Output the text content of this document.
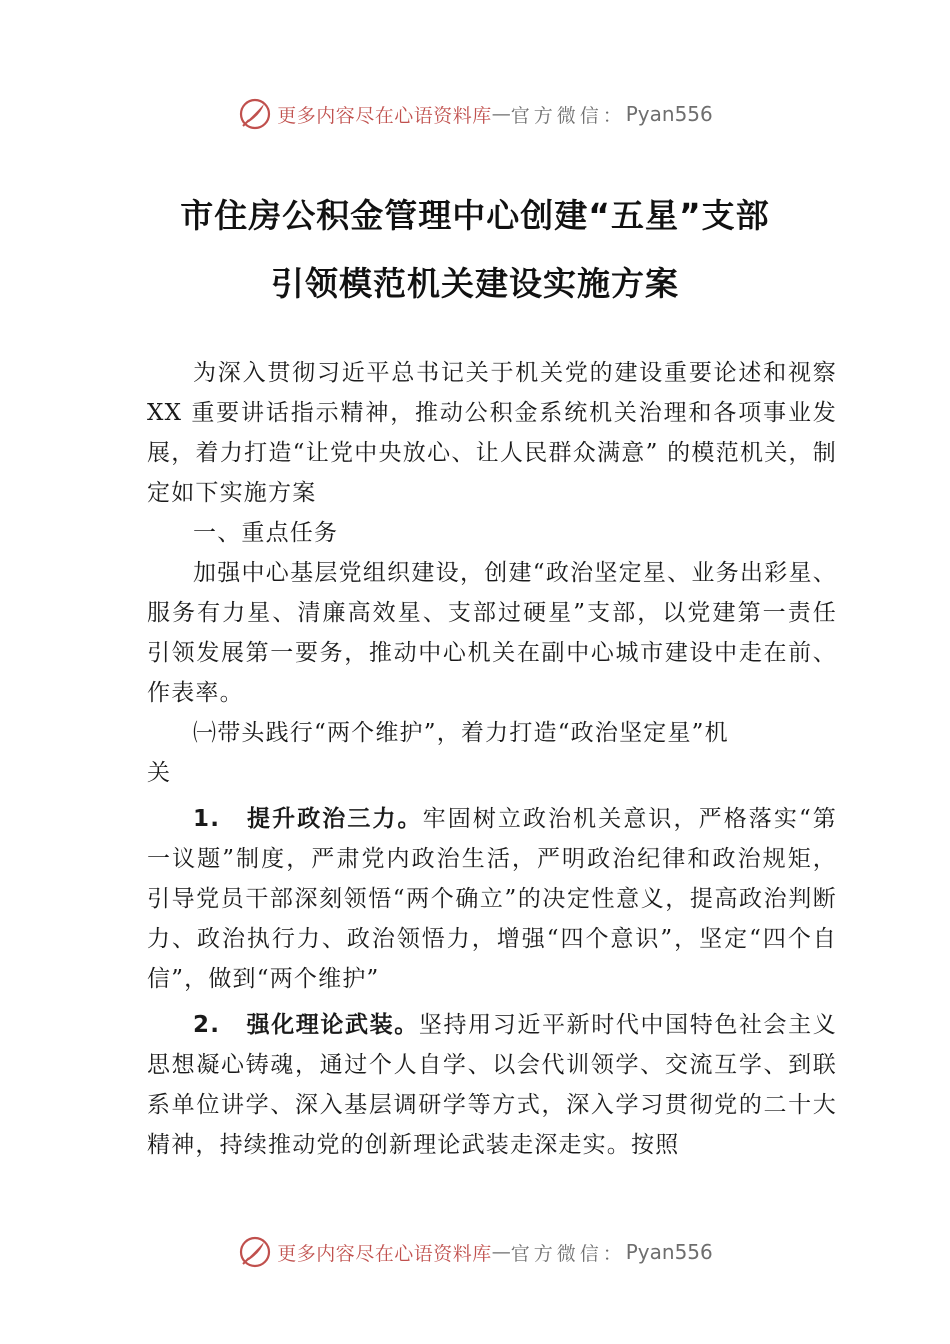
更多内容尽在心语资料库 — 官方微信： Pyan556
市住房公积金管理中心创建“五星”支部
引领模范机关建设实施方案

为深入贯彻习近平总书记关于机关党的建设重要论述和视察 XX 重要讲话指示精神，推动公积金系统机关治理和各项事业发展，着力打造“让党中央放心、让人民群众满意” 的模范机关，制定如下实施方案

一、重点任务

加强中心基层党组织建设，创建“政治坚定星、业务出彩星、服务有力星、清廉高效星、支部过硬星”支部，以党建第一责任引领发展第一要务，推动中心机关在副中心城市建设中走在前、作表率。

㈠带头践行“两个维护”，着力打造“政治坚定星”机
关

1. 提升政治三力。牢固树立政治机关意识，严格落实“第一议题”制度，严肃党内政治生活，严明政治纪律和政治规矩，引导党员干部深刻领悟“两个确立”的决定性意义，提高政治判断力、政治执行力、政治领悟力，增强“四个意识”，坚定“四个自信”，做到“两个维护”

2. 强化理论武装。坚持用习近平新时代中国特色社会主义思想凝心铸魂，通过个人自学、以会代训领学、交流互学、到联系单位讲学、深入基层调研学等方式，深入学习贯彻党的二十大精神，持续推动党的创新理论武装走深走实。按照

更多内容尽在心语资料库 — 官方微信： Pyan556
